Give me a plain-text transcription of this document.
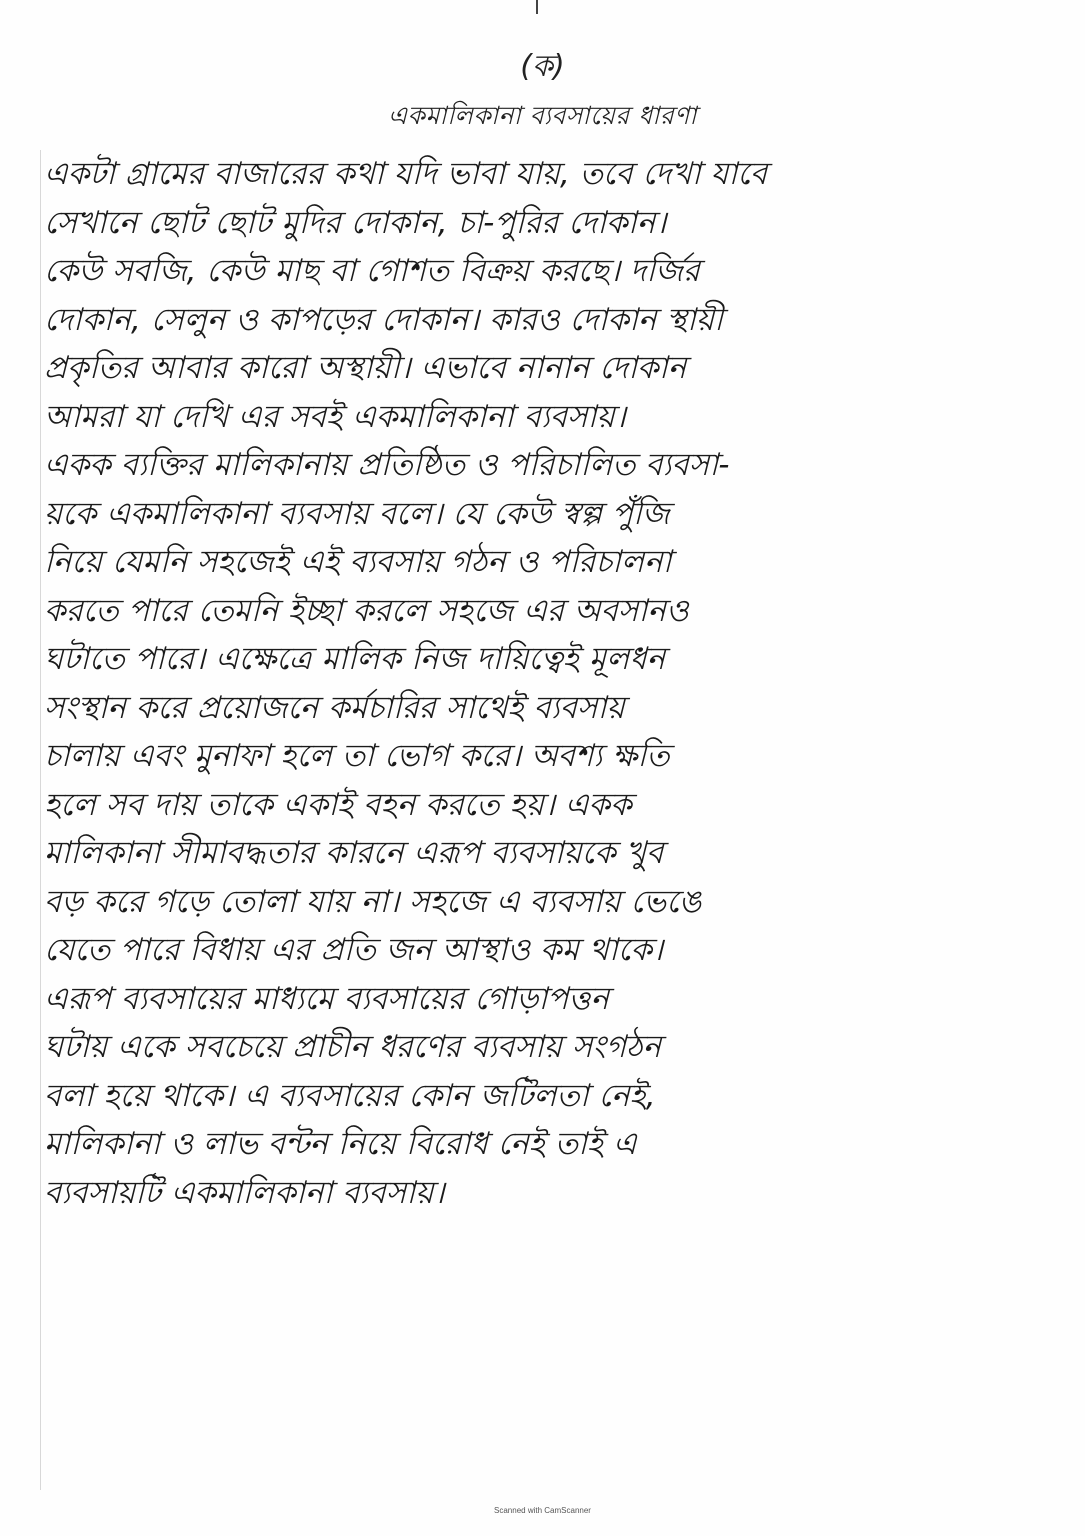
(ক)
একমালিকানা ব্যবসায়ের ধারণা
একটা গ্রামের বাজারের কথা যদি ভাবা যায়, তবে দেখা যাবে
সেখানে ছোট ছোট মুদির দোকান, চা-পুরির দোকান।
কেউ সবজি, কেউ মাছ বা গোশত বিক্রয় করছে। দর্জির
দোকান, সেলুন ও কাপড়ের দোকান। কারও দোকান স্থায়ী
প্রকৃতির আবার কারো অস্থায়ী। এভাবে নানান দোকান
আমরা যা দেখি এর সবই একমালিকানা ব্যবসায়।
একক ব্যক্তির মালিকানায় প্রতিষ্ঠিত ও পরিচালিত ব্যবসা-
য়কে একমালিকানা ব্যবসায় বলে। যে কেউ স্বল্প পুঁজি
নিয়ে যেমনি সহজেই এই ব্যবসায় গঠন ও পরিচালনা
করতে পারে তেমনি ইচ্ছা করলে সহজে এর অবসানও
ঘটাতে পারে। এক্ষেত্রে মালিক নিজ দায়িত্বেই মূলধন
সংস্থান করে প্রয়োজনে কর্মচারির সাথেই ব্যবসায়
চালায় এবং মুনাফা হলে তা ভোগ করে। অবশ্য ক্ষতি
হলে সব দায় তাকে একাই বহন করতে হয়। একক
মালিকানা সীমাবদ্ধতার কারনে এরূপ ব্যবসায়কে খুব
বড় করে গড়ে তোলা যায় না। সহজে এ ব্যবসায় ভেঙে
যেতে পারে বিধায় এর প্রতি জন আস্থাও কম থাকে।
এরূপ ব্যবসায়ের মাধ্যমে ব্যবসায়ের গোড়াপত্তন
ঘটায় একে সবচেয়ে প্রাচীন ধরণের ব্যবসায় সংগঠন
বলা হয়ে থাকে। এ ব্যবসায়ের কোন জটিলতা নেই,
মালিকানা ও লাভ বন্টন নিয়ে বিরোধ নেই তাই এ
ব্যবসায়টি একমালিকানা ব্যবসায়।
Scanned with CamScanner
